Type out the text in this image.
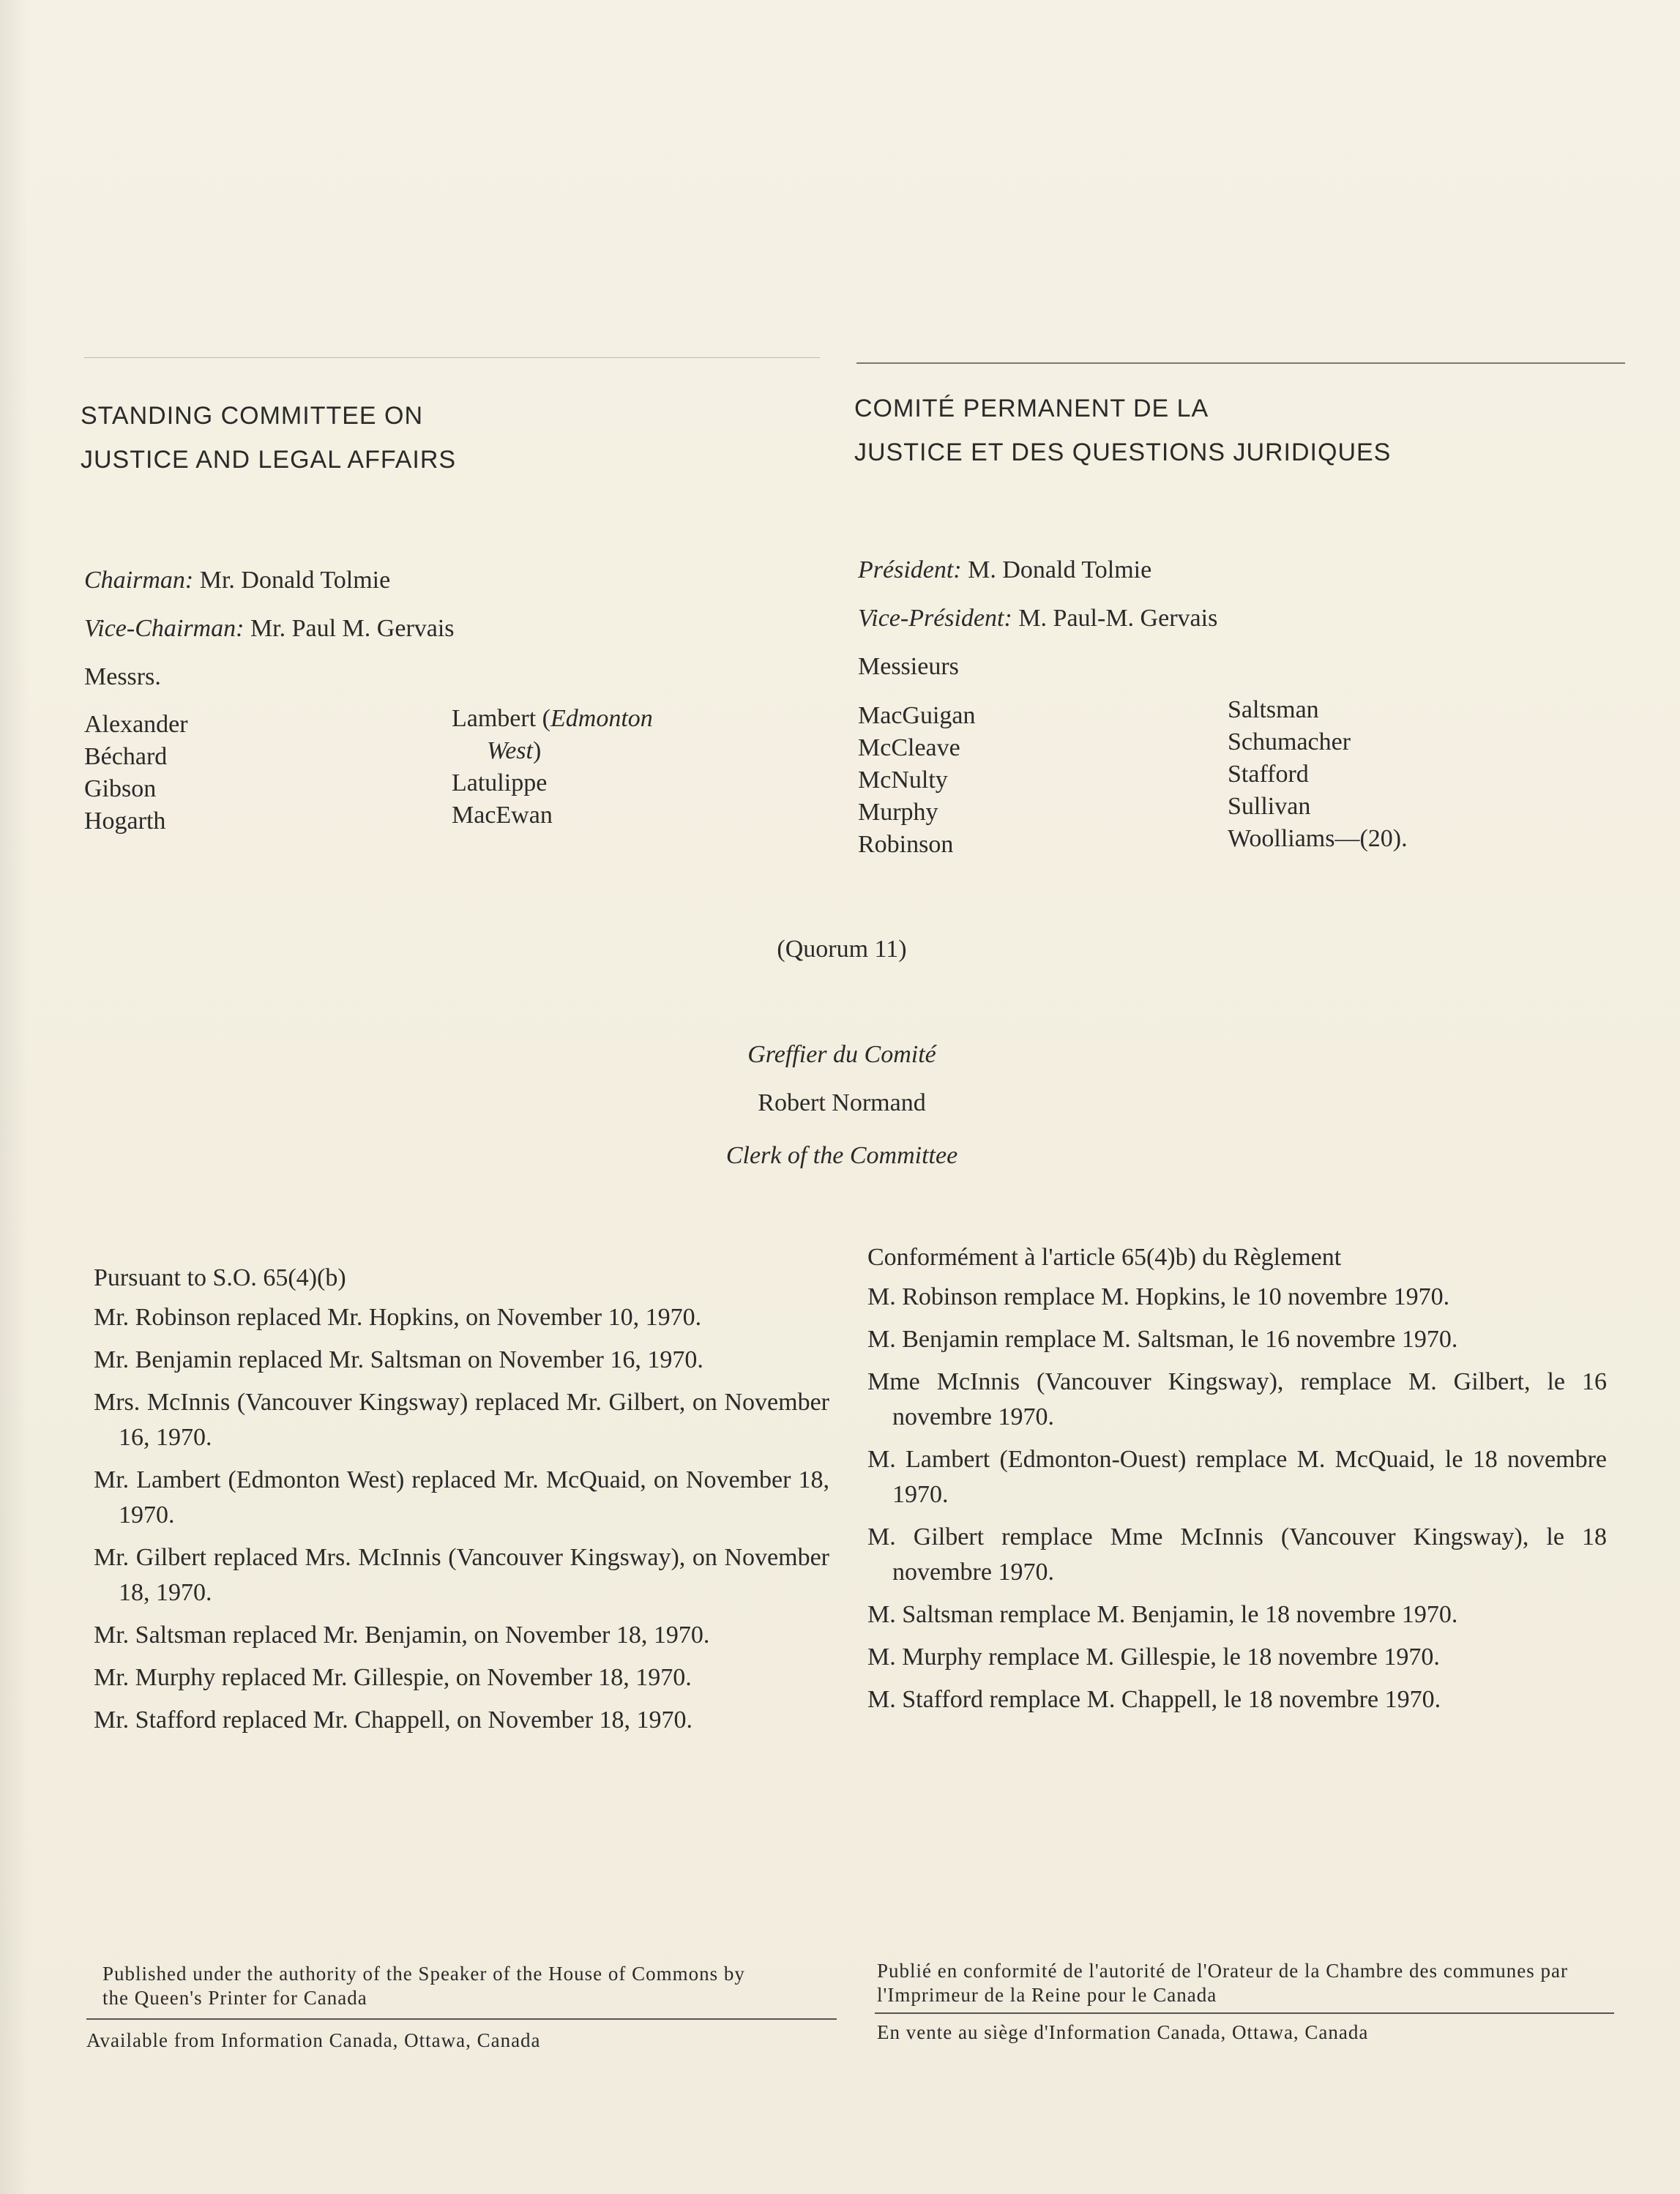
STANDING COMMITTEE ON
JUSTICE AND LEGAL AFFAIRS
COMITÉ PERMANENT DE LA
JUSTICE ET DES QUESTIONS JURIDIQUES
Chairman: Mr. Donald Tolmie
Vice-Chairman: Mr. Paul M. Gervais
Messrs.
Président: M. Donald Tolmie
Vice-Président: M. Paul-M. Gervais
Messieurs
Alexander
Béchard
Gibson
Hogarth
Lambert (Edmonton
West)
Latulippe
MacEwan
MacGuigan
McCleave
McNulty
Murphy
Robinson
Saltsman
Schumacher
Stafford
Sullivan
Woolliams—(20).
(Quorum 11)
Greffier du Comité
Robert Normand
Clerk of the Committee
Pursuant to S.O. 65(4)(b)
Mr. Robinson replaced Mr. Hopkins, on November 10, 1970.
Mr. Benjamin replaced Mr. Saltsman on November 16, 1970.
Mrs. McInnis (Vancouver Kingsway) replaced Mr. Gilbert, on November 16, 1970.
Mr. Lambert (Edmonton West) replaced Mr. McQuaid, on November 18, 1970.
Mr. Gilbert replaced Mrs. McInnis (Vancouver Kingsway), on November 18, 1970.
Mr. Saltsman replaced Mr. Benjamin, on November 18, 1970.
Mr. Murphy replaced Mr. Gillespie, on November 18, 1970.
Mr. Stafford replaced Mr. Chappell, on November 18, 1970.
Conformément à l'article 65(4)b) du Règlement
M. Robinson remplace M. Hopkins, le 10 novembre 1970.
M. Benjamin remplace M. Saltsman, le 16 novembre 1970.
Mme McInnis (Vancouver Kingsway), remplace M. Gilbert, le 16 novembre 1970.
M. Lambert (Edmonton-Ouest) remplace M. McQuaid, le 18 novembre 1970.
M. Gilbert remplace Mme McInnis (Vancouver Kingsway), le 18 novembre 1970.
M. Saltsman remplace M. Benjamin, le 18 novembre 1970.
M. Murphy remplace M. Gillespie, le 18 novembre 1970.
M. Stafford remplace M. Chappell, le 18 novembre 1970.
Published under the authority of the Speaker of the House of Commons by the Queen's Printer for Canada
Available from Information Canada, Ottawa, Canada
Publié en conformité de l'autorité de l'Orateur de la Chambre des communes par l'Imprimeur de la Reine pour le Canada
En vente au siège d'Information Canada, Ottawa, Canada
